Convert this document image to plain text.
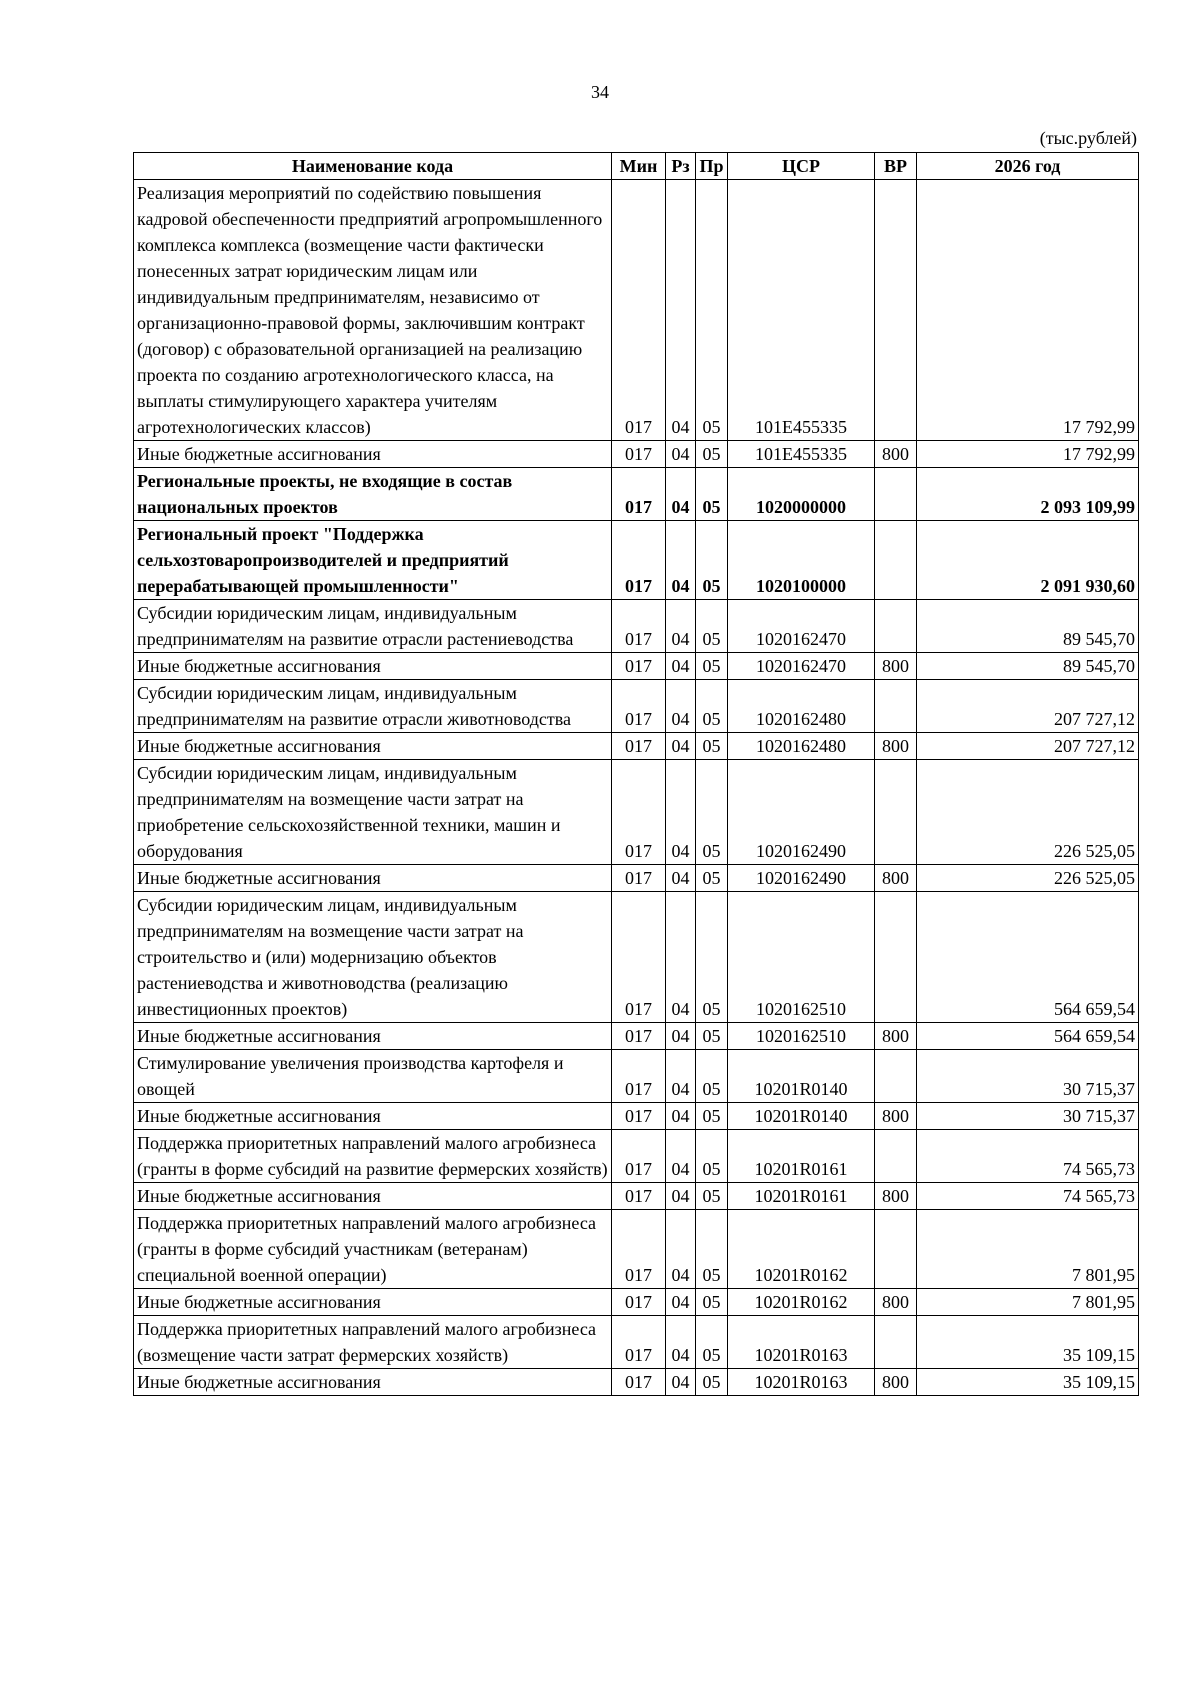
34
(тыс.рублей)
Наименование кода	Мин	Рз	Пр	ЦСР	ВР	2026 год
Реализация мероприятий по содействию повышения кадровой обеспеченности предприятий агропромышленного комплекса комплекса (возмещение части фактически понесенных затрат юридическим лицам или индивидуальным предпринимателям, независимо от организационно-правовой формы, заключившим контракт (договор) с образовательной организацией на реализацию проекта по созданию агротехнологического класса, на выплаты стимулирующего характера учителям агротехнологических классов)	017	04	05	101E455335		17 792,99
Иные бюджетные ассигнования	017	04	05	101E455335	800	17 792,99
Региональные проекты, не входящие в состав национальных проектов	017	04	05	1020000000		2 093 109,99
Региональный проект "Поддержка сельхозтоваропроизводителей и предприятий перерабатывающей промышленности"	017	04	05	1020100000		2 091 930,60
Субсидии юридическим лицам, индивидуальным предпринимателям на развитие отрасли растениеводства	017	04	05	1020162470		89 545,70
Иные бюджетные ассигнования	017	04	05	1020162470	800	89 545,70
Субсидии юридическим лицам, индивидуальным предпринимателям на развитие отрасли животноводства	017	04	05	1020162480		207 727,12
Иные бюджетные ассигнования	017	04	05	1020162480	800	207 727,12
Субсидии юридическим лицам, индивидуальным предпринимателям на возмещение части затрат на приобретение сельскохозяйственной техники, машин и оборудования	017	04	05	1020162490		226 525,05
Иные бюджетные ассигнования	017	04	05	1020162490	800	226 525,05
Субсидии юридическим лицам, индивидуальным предпринимателям на возмещение части затрат на строительство и (или) модернизацию объектов растениеводства и животноводства (реализацию инвестиционных проектов)	017	04	05	1020162510		564 659,54
Иные бюджетные ассигнования	017	04	05	1020162510	800	564 659,54
Стимулирование увеличения производства картофеля и овощей	017	04	05	10201R0140		30 715,37
Иные бюджетные ассигнования	017	04	05	10201R0140	800	30 715,37
Поддержка приоритетных направлений малого агробизнеса (гранты в форме субсидий на развитие фермерских хозяйств)	017	04	05	10201R0161		74 565,73
Иные бюджетные ассигнования	017	04	05	10201R0161	800	74 565,73
Поддержка приоритетных направлений малого агробизнеса (гранты в форме субсидий участникам (ветеранам) специальной военной операции)	017	04	05	10201R0162		7 801,95
Иные бюджетные ассигнования	017	04	05	10201R0162	800	7 801,95
Поддержка приоритетных направлений малого агробизнеса (возмещение части затрат фермерских хозяйств)	017	04	05	10201R0163		35 109,15
Иные бюджетные ассигнования	017	04	05	10201R0163	800	35 109,15
